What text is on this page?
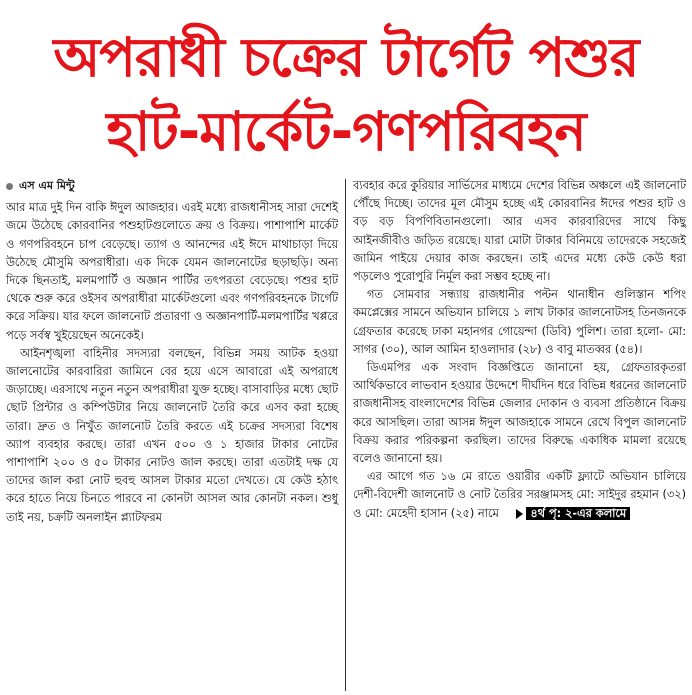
অপরাধী চক্রের টার্গেট পশুর
হাট-মার্কেট-গণপরিবহন
এস এম মিন্টু

আর মাত্র দুই দিন বাকি ঈদুল আজহার। এরই মধ্যে রাজধানীসহ সারা দেশেই জমে উঠেছে কোরবানির পশুহাটগুলোতে ক্রয় ও বিক্রয়। পাশাপাশি মার্কেট ও গণপরিবহনে চাপ বেড়েছে। ত্যাগ ও আনন্দের এই ঈদে মাথাচাড়া দিয়ে উঠেছে মৌসুমি অপরাধীরা। এক দিকে যেমন জালনোটের ছড়াছড়ি। অন্য দিকে ছিনতাই, মলমপার্টি ও অজ্ঞান পার্টির তৎপরতা বেড়েছে। পশুর হাট থেকে শুরু করে ওইসব অপরাধীরা মার্কেটগুলো এবং গণপরিবহনকে টার্গেট করে সক্রিয়। যার ফলে জালনোট প্রতারণা ও অজ্ঞানপার্টি-মলমপার্টির খপ্পরে পড়ে সর্বস্ব খুইয়েছেন অনেকেই।

আইনশৃঙ্খলা বাহিনীর সদস্যরা বলছেন, বিভিন্ন সময় আটক হওয়া জালনোটের কারবারিরা জামিনে বের হয়ে এসে আবারো এই অপরাধে জড়াচ্ছে। এরসাথে নতুন নতুন অপরাধীরা যুক্ত হচ্ছে। বাসাবাড়ির মধ্যে ছোট ছোট প্রিন্টার ও কম্পিউটার নিয়ে জালনোট তৈরি করে এসব করা হচ্ছে তারা। দ্রুত ও নিখুঁত জালনোট তৈরি করতে এই চক্রের সদস্যরা বিশেষ অ্যাপ ব্যবহার করছে। তারা এখন ৫০০ ও ১ হাজার টাকার নোটের পাশাপাশি ২০০ ও ৫০ টাকার নোটও জাল করছে। তারা এতটাই দক্ষ যে তাদের জাল করা নোট হুবহু আসল টাকার মতো দেখতে। যে কেউ হঠাৎ করে হাতে নিয়ে চিনতে পারবে না কোনটা আসল আর কোনটা নকল। শুধু তাই নয়, চক্রটি অনলাইন প্ল্যাটফরম

ব্যবহার করে কুরিয়ার সার্ভিসের মাধ্যমে দেশের বিভিন্ন অঞ্চলে এই জালনোট পৌঁছে দিচ্ছে। তাদের মূল মৌসুম হচ্ছে এই কোরবানির ঈদের পশুর হাট ও বড় বড় বিপণিবিতানগুলো। আর এসব কারবারিদের সাথে কিছু আইনজীবীও জড়িত রয়েছে। যারা মোটা টাকার বিনিময়ে তাদেরকে সহজেই জামিন পাইয়ে দেয়ার কাজ করছেন। তাই এদের মধ্যে কেউ কেউ ধরা পড়লেও পুরোপুরি নির্মূল করা সম্ভব হচ্ছে না।

গত সোমবার সন্ধ্যায় রাজধানীর পল্টন থানাধীন গুলিস্তান শপিং কমপ্লেক্সের সামনে অভিযান চালিয়ে ১ লাখ টাকার জালনোটসহ তিনজনকে গ্রেফতার করেছে ঢাকা মহানগর গোয়েন্দা (ডিবি) পুলিশ। তারা হলো- মো: সাগর (৩০), আল আমিন হাওলাদার (২৮) ও বাবু মাতব্বর (৫৪)।

ডিএমপির এক সংবাদ বিজ্ঞপ্তিতে জানানো হয়, গ্রেফতারকৃতরা আর্থিকভাবে লাভবান হওয়ার উদ্দেশে দীর্ঘদিন ধরে বিভিন্ন ধরনের জালনোট রাজধানীসহ বাংলাদেশের বিভিন্ন জেলার দোকান ও ব্যবসা প্রতিষ্ঠানে বিক্রয় করে আসছিল। তারা আসন্ন ঈদুল আজহাকে সামনে রেখে বিপুল জালনোট বিক্রয় করার পরিকল্পনা করছিল। তাদের বিরুদ্ধে একাধিক মামলা রয়েছে বলেও জানানো হয়।

এর আগে গত ১৬ মে রাতে ওয়ারীর একটি ফ্ল্যাটে অভিযান চালিয়ে দেশী-বিদেশী জালনোট ও নোট তৈরির সরঞ্জামসহ মো: সাইদুর রহমান (৩২) ও মো: মেহেদী হাসান (২৫) নামে	৪র্থ পৃ: ২-এর কলামে
